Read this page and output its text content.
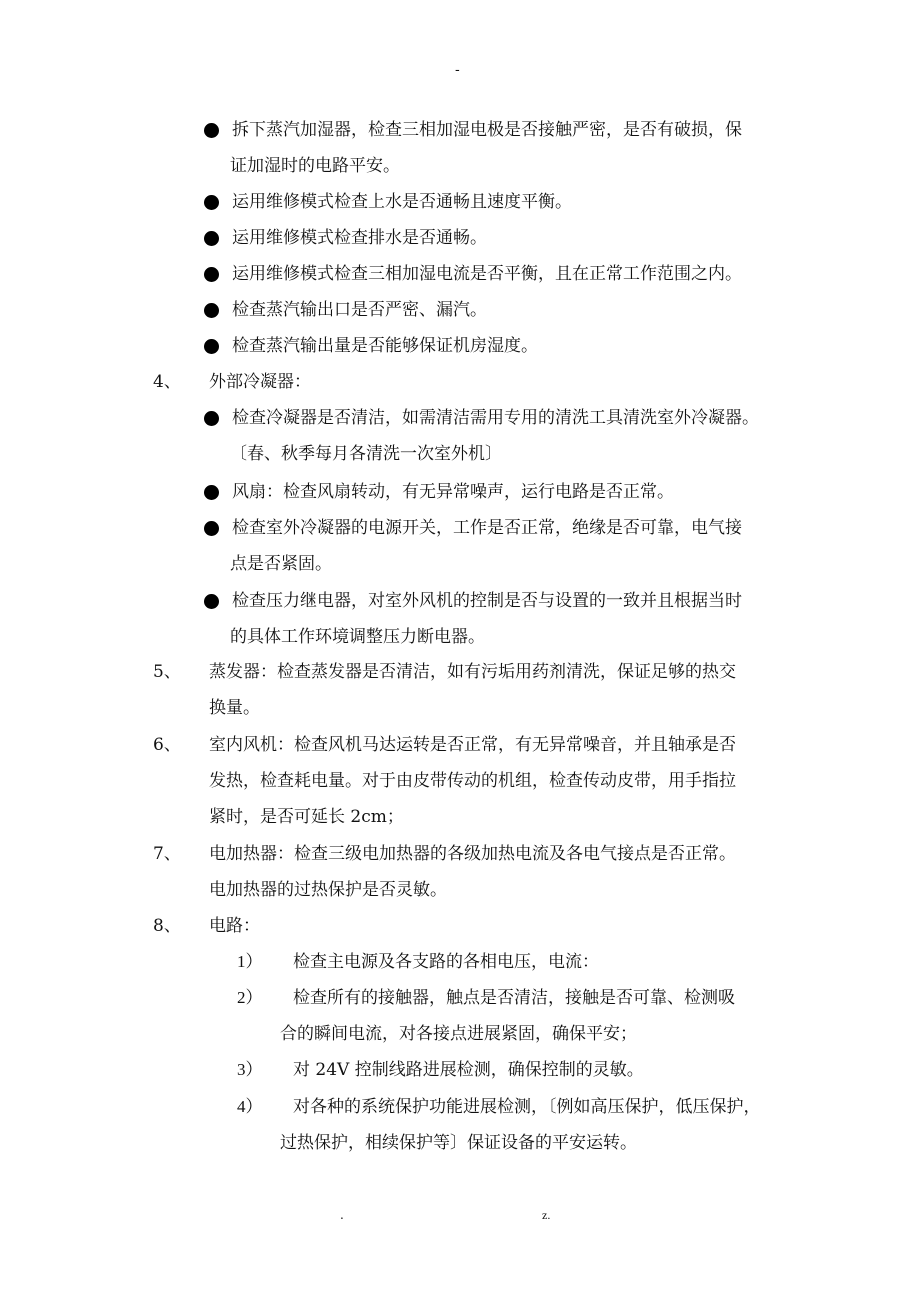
-
拆下蒸汽加湿器，检查三相加湿电极是否接触严密，是否有破损，保
证加湿时的电路平安。
运用维修模式检查上水是否通畅且速度平衡。
运用维修模式检查排水是否通畅。
运用维修模式检查三相加湿电流是否平衡，且在正常工作范围之内。
检查蒸汽输出口是否严密、漏汽。
检查蒸汽输出量是否能够保证机房湿度。
4、 外部冷凝器：
检查冷凝器是否清洁，如需清洁需用专用的清洗工具清洗室外冷凝器。
〔春、秋季每月各清洗一次室外机〕
风扇：检查风扇转动，有无异常噪声，运行电路是否正常。
检查室外冷凝器的电源开关，工作是否正常，绝缘是否可靠，电气接
点是否紧固。
检查压力继电器，对室外风机的控制是否与设置的一致并且根据当时
的具体工作环境调整压力断电器。
5、 蒸发器：检查蒸发器是否清洁，如有污垢用药剂清洗，保证足够的热交
换量。
6、 室内风机：检查风机马达运转是否正常，有无异常噪音，并且轴承是否
发热，检查耗电量。对于由皮带传动的机组，检查传动皮带，用手指拉
紧时，是否可延长 2cm；
7、 电加热器：检查三级电加热器的各级加热电流及各电气接点是否正常。
电加热器的过热保护是否灵敏。
8、 电路：
1） 检查主电源及各支路的各相电压，电流：
2） 检查所有的接触器，触点是否清洁，接触是否可靠、检测吸
合的瞬间电流，对各接点进展紧固，确保平安；
3） 对 24V 控制线路进展检测，确保控制的灵敏。
4） 对各种的系统保护功能进展检测，〔例如高压保护，低压保护，
过热保护，相续保护等〕保证设备的平安运转。
.	z.
